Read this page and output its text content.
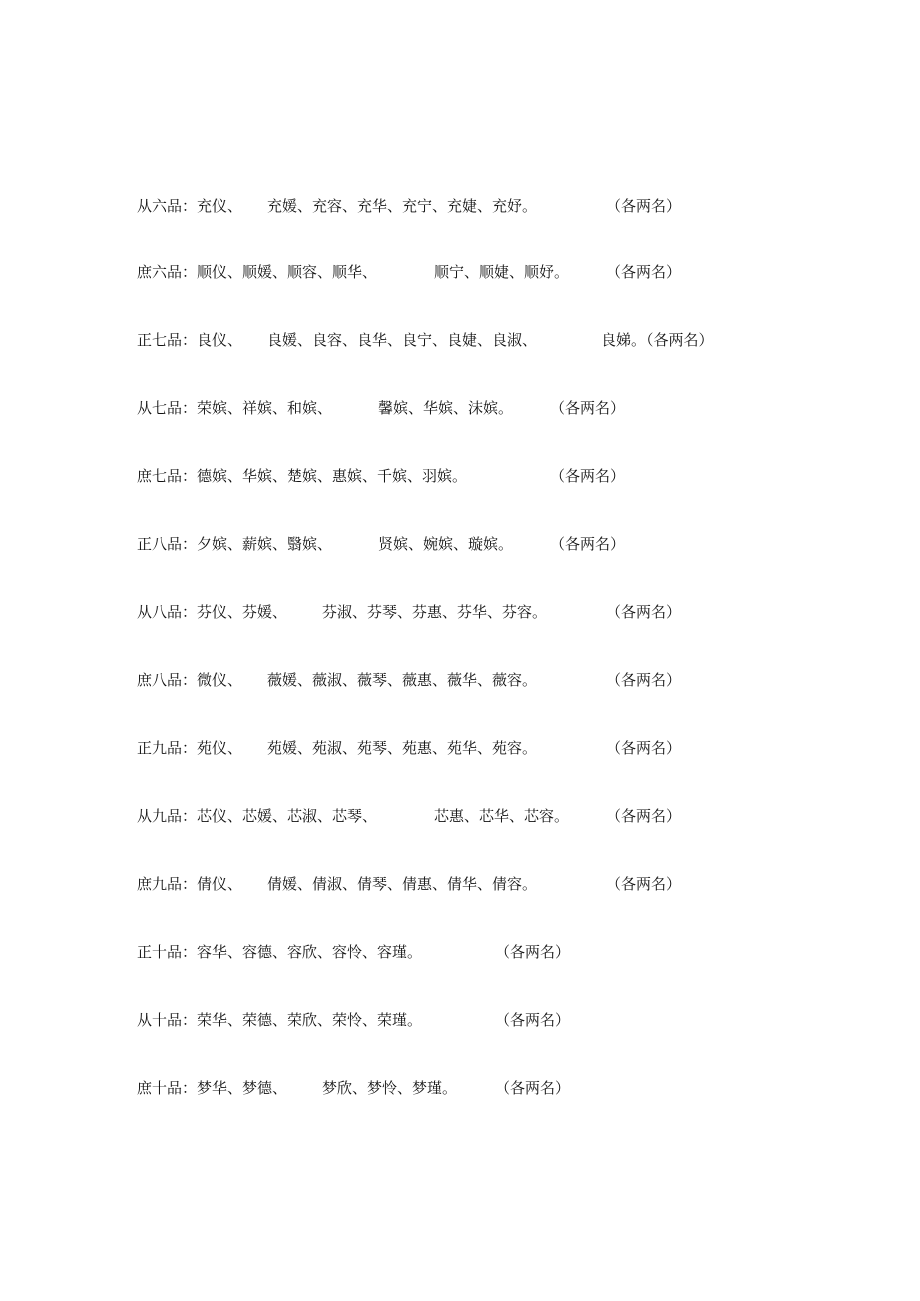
从六品：充仪、 充媛、充容、充华、充宁、充婕、充妤。	（各两名）
庶六品：顺仪、顺媛、顺容、顺华、	顺宁、顺婕、顺妤。 （各两名）
正七品：良仪、 良媛、良容、良华、良宁、良婕、良淑、	良娣。（各两名）
从七品：荣嫔、祥嫔、和嫔、	馨嫔、华嫔、沫嫔。 （各两名）
庶七品：德嫔、华嫔、楚嫔、惠嫔、千嫔、羽嫔。	（各两名）
正八品：夕嫔、薪嫔、翳嫔、	贤嫔、婉嫔、璇嫔。 （各两名）
从八品：芬仪、芬媛、 芬淑、芬琴、芬惠、芬华、芬容。	（各两名）
庶八品：微仪、 薇媛、薇淑、薇琴、薇惠、薇华、薇容。	（各两名）
正九品：苑仪、 苑媛、苑淑、苑琴、苑惠、苑华、苑容。	（各两名）
从九品：芯仪、芯媛、芯淑、芯琴、	芯惠、芯华、芯容。 （各两名）
庶九品：倩仪、 倩媛、倩淑、倩琴、倩惠、倩华、倩容。	（各两名）
正十品：容华、容德、容欣、容怜、容瑾。	（各两名）
从十品：荣华、荣德、荣欣、荣怜、荣瑾。	（各两名）
庶十品：梦华、梦德、 梦欣、梦怜、梦瑾。	（各两名）
